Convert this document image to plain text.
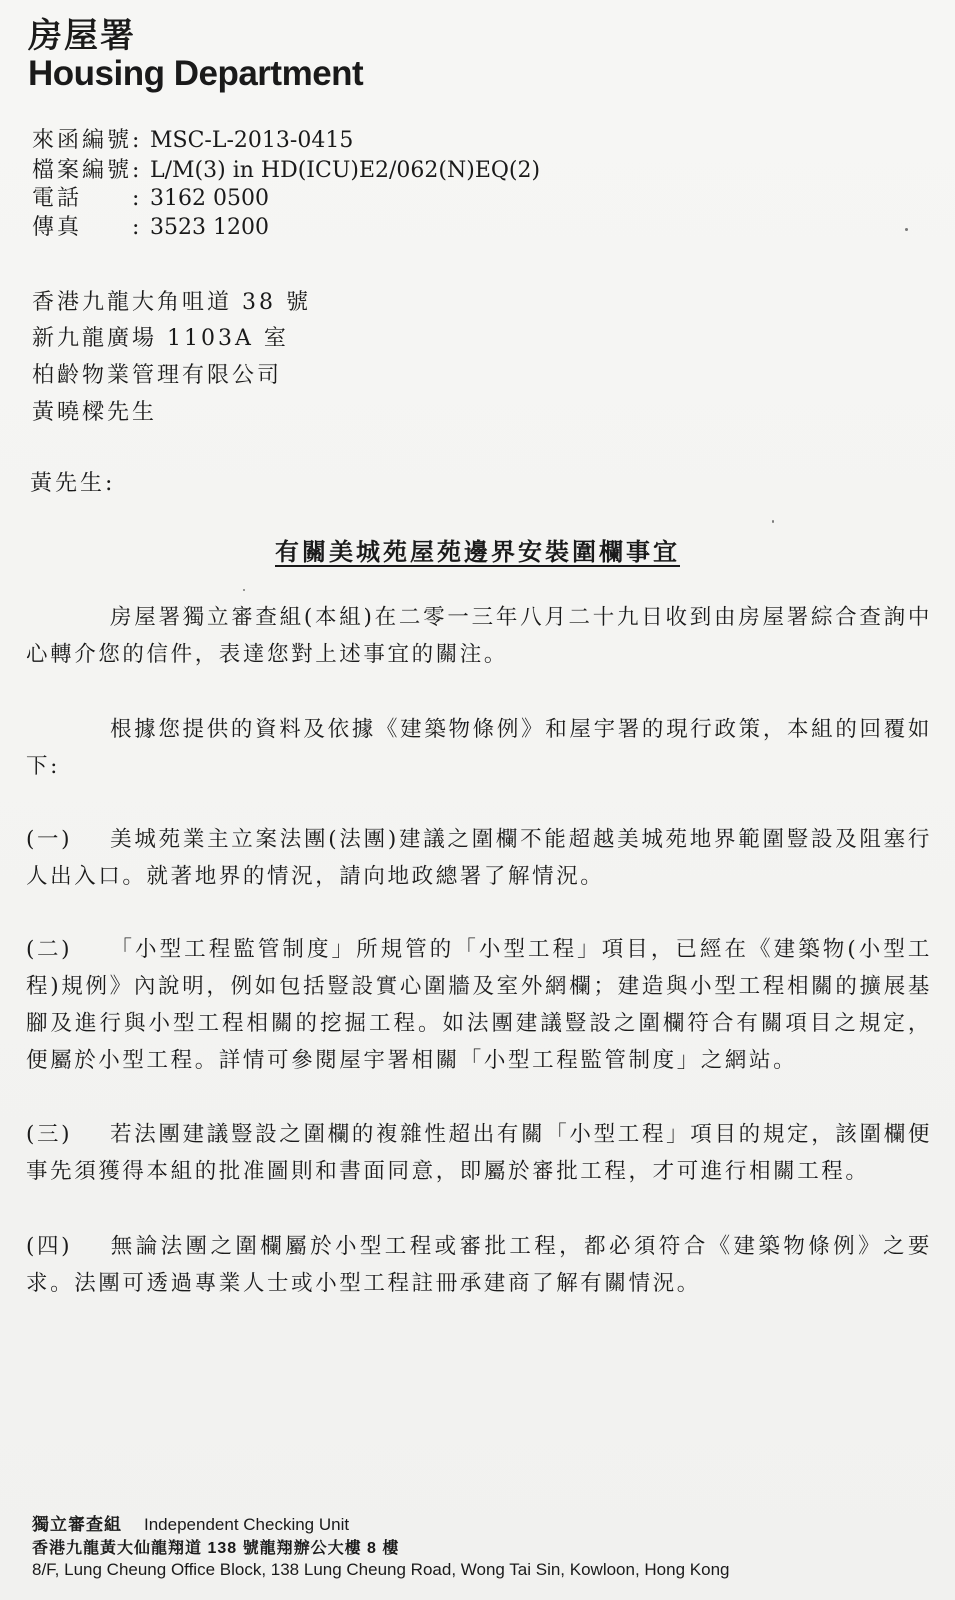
房屋署
Housing Department
來函編號: MSC-L-2013-0415
檔案編號: L/M(3) in HD(ICU)E2/062(N)EQ(2)
電話　　: 3162 0500
傳真　　: 3523 1200
香港九龍大角咀道 38 號
新九龍廣場 1103A 室
柏齡物業管理有限公司
黃曉樑先生
黃先生:
有關美城苑屋苑邊界安裝圍欄事宜
房屋署獨立審查組(本組)在二零一三年八月二十九日收到由房屋署綜合查詢中心轉介您的信件，表達您對上述事宜的關注。
根據您提供的資料及依據《建築物條例》和屋宇署的現行政策，本組的回覆如下:
(一) 美城苑業主立案法團(法團)建議之圍欄不能超越美城苑地界範圍豎設及阻塞行人出入口。就著地界的情況，請向地政總署了解情況。
(二) 「小型工程監管制度」所規管的「小型工程」項目，已經在《建築物(小型工程)規例》內說明，例如包括豎設實心圍牆及室外網欄；建造與小型工程相關的擴展基腳及進行與小型工程相關的挖掘工程。如法團建議豎設之圍欄符合有關項目之規定，便屬於小型工程。詳情可參閱屋宇署相關「小型工程監管制度」之網站。
(三) 若法團建議豎設之圍欄的複雜性超出有關「小型工程」項目的規定，該圍欄便事先須獲得本組的批准圖則和書面同意，即屬於審批工程，才可進行相關工程。
(四) 無論法團之圍欄屬於小型工程或審批工程，都必須符合《建築物條例》之要求。法團可透過專業人士或小型工程註冊承建商了解有關情況。
獨立審查組 Independent Checking Unit
香港九龍黃大仙龍翔道 138 號龍翔辦公大樓 8 樓
8/F, Lung Cheung Office Block, 138 Lung Cheung Road, Wong Tai Sin, Kowloon, Hong Kong
